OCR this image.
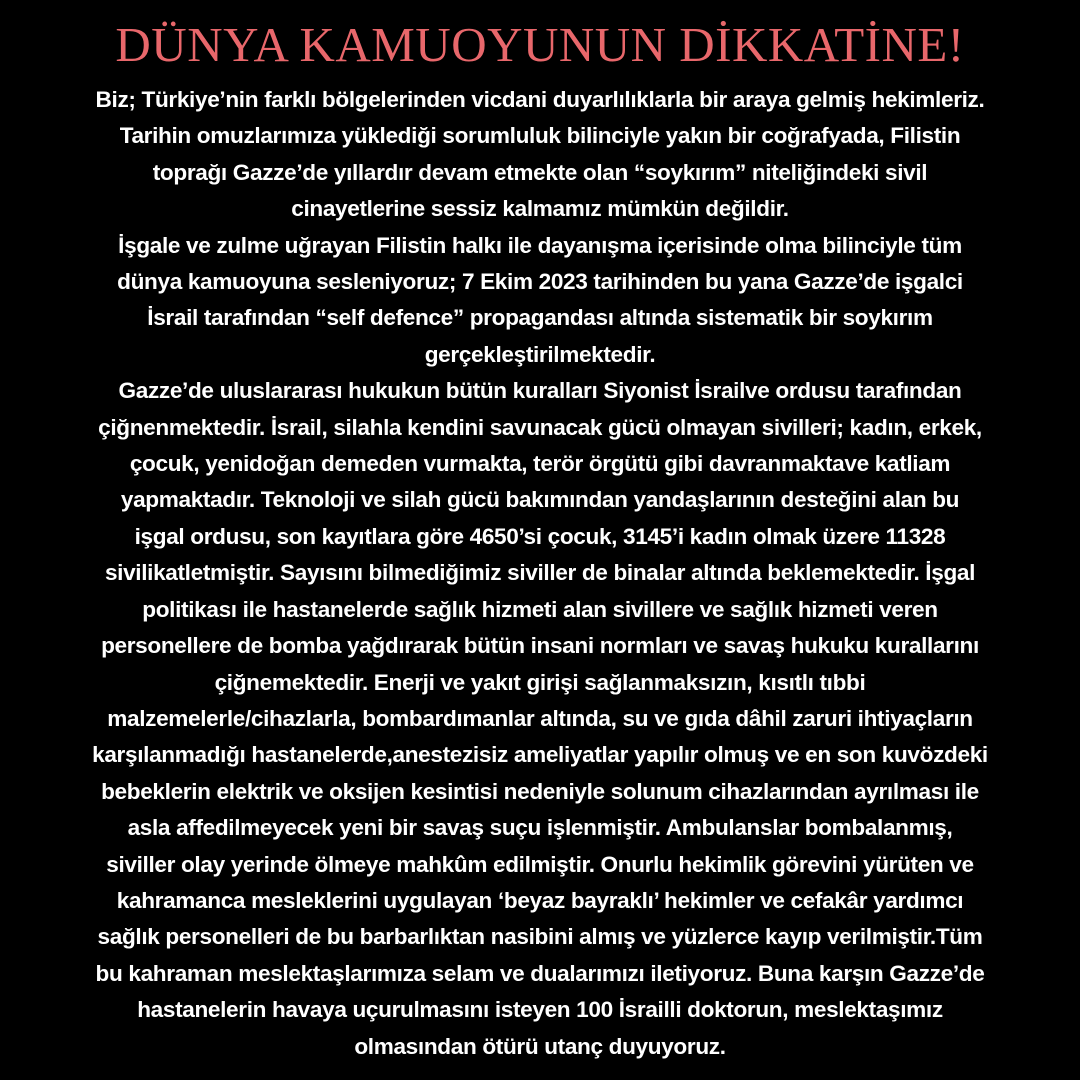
DÜNYA KAMUOYUNUN DİKKATİNE!

Biz; Türkiye’nin farklı bölgelerinden vicdani duyarlılıklarla bir araya gelmiş hekimleriz.
Tarihin omuzlarımıza yüklediği sorumluluk bilinciyle yakın bir coğrafyada, Filistin
toprağı Gazze’de yıllardır devam etmekte olan “soykırım” niteliğindeki sivil
cinayetlerine sessiz kalmamız mümkün değildir.

İşgale ve zulme uğrayan Filistin halkı ile dayanışma içerisinde olma bilinciyle tüm
dünya kamuoyuna sesleniyoruz; 7 Ekim 2023 tarihinden bu yana Gazze’de işgalci
İsrail tarafından “self defence” propagandası altında sistematik bir soykırım
gerçekleştirilmektedir.

Gazze’de uluslararası hukukun bütün kuralları Siyonist İsrailve ordusu tarafından
çiğnenmektedir. İsrail, silahla kendini savunacak gücü olmayan sivilleri; kadın, erkek,
çocuk, yenidoğan demeden vurmakta, terör örgütü gibi davranmaktave katliam
yapmaktadır. Teknoloji ve silah gücü bakımından yandaşlarının desteğini alan bu
işgal ordusu, son kayıtlara göre 4650’si çocuk, 3145’i kadın olmak üzere 11328
sivilikatletmiştir. Sayısını bilmediğimiz siviller de binalar altında beklemektedir. İşgal
politikası ile hastanelerde sağlık hizmeti alan sivillere ve sağlık hizmeti veren
personellere de bomba yağdırarak bütün insani normları ve savaş hukuku kurallarını
çiğnemektedir. Enerji ve yakıt girişi sağlanmaksızın, kısıtlı tıbbi
malzemelerle/cihazlarla, bombardımanlar altında, su ve gıda dâhil zaruri ihtiyaçların
karşılanmadığı hastanelerde,anestezisiz ameliyatlar yapılır olmuş ve en son kuvözdeki
bebeklerin elektrik ve oksijen kesintisi nedeniyle solunum cihazlarından ayrılması ile
asla affedilmeyecek yeni bir savaş suçu işlenmiştir. Ambulanslar bombalanmış,
siviller olay yerinde ölmeye mahkûm edilmiştir. Onurlu hekimlik görevini yürüten ve
kahramanca mesleklerini uygulayan ‘beyaz bayraklı’ hekimler ve cefakâr yardımcı
sağlık personelleri de bu barbarlıktan nasibini almış ve yüzlerce kayıp verilmiştir.Tüm
bu kahraman meslektaşlarımıza selam ve dualarımızı iletiyoruz. Buna karşın Gazze’de
hastanelerin havaya uçurulmasını isteyen 100 İsrailli doktorun, meslektaşımız
olmasından ötürü utanç duyuyoruz.
